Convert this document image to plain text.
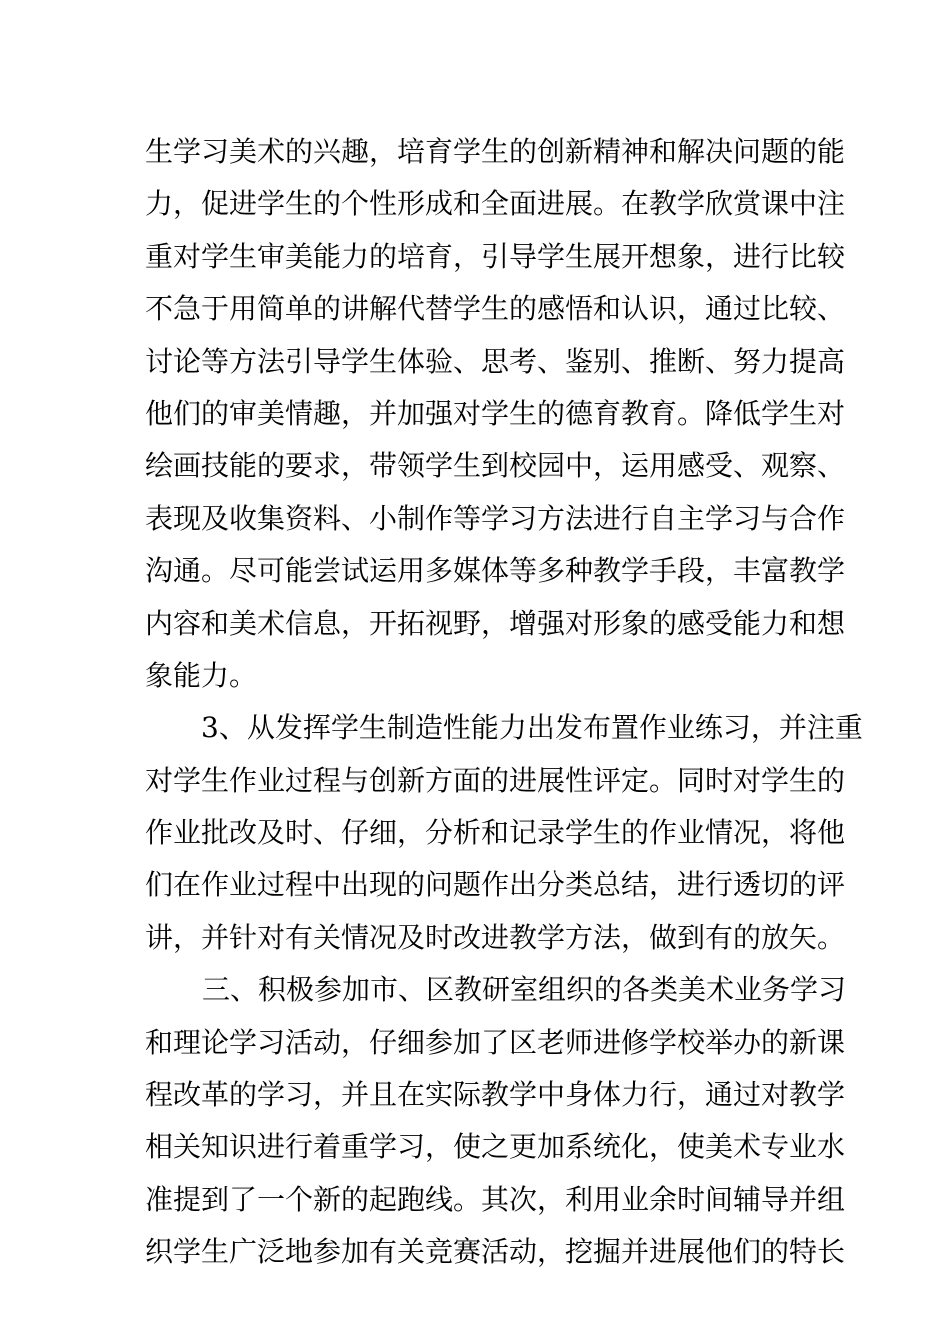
生学习美术的兴趣，培育学生的创新精神和解决问题的能
力，促进学生的个性形成和全面进展。在教学欣赏课中注
重对学生审美能力的培育，引导学生展开想象，进行比较
不急于用简单的讲解代替学生的感悟和认识，通过比较、
讨论等方法引导学生体验、思考、鉴别、推断、努力提高
他们的审美情趣，并加强对学生的德育教育。降低学生对
绘画技能的要求，带领学生到校园中，运用感受、观察、
表现及收集资料、小制作等学习方法进行自主学习与合作
沟通。尽可能尝试运用多媒体等多种教学手段，丰富教学
内容和美术信息，开拓视野，增强对形象的感受能力和想
象能力。
3、从发挥学生制造性能力出发布置作业练习，并注重
对学生作业过程与创新方面的进展性评定。同时对学生的
作业批改及时、仔细，分析和记录学生的作业情况，将他
们在作业过程中出现的问题作出分类总结，进行透切的评
讲，并针对有关情况及时改进教学方法，做到有的放矢。
三、积极参加市、区教研室组织的各类美术业务学习
和理论学习活动，仔细参加了区老师进修学校举办的新课
程改革的学习，并且在实际教学中身体力行，通过对教学
相关知识进行着重学习，使之更加系统化，使美术专业水
准提到了一个新的起跑线。其次，利用业余时间辅导并组
织学生广泛地参加有关竞赛活动，挖掘并进展他们的特长
